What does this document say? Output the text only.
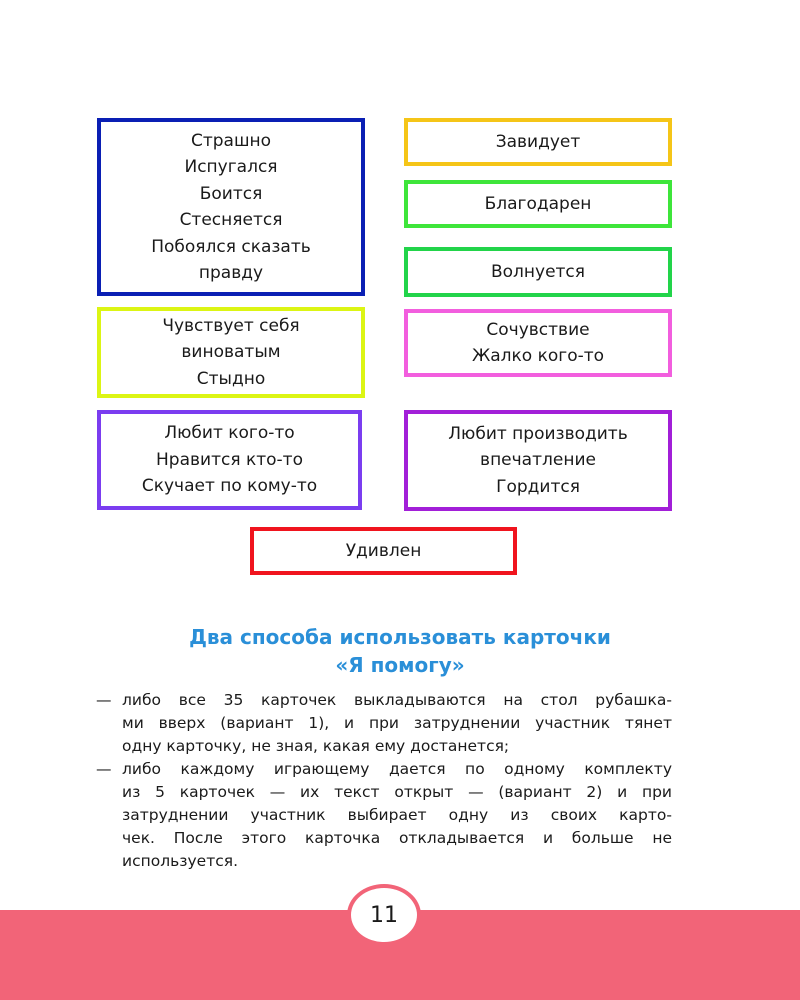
Страшно
Испугался
Боится
Стесняется
Побоялся сказать
правду
Завидует
Благодарен
Волнуется
Чувствует себя
виноватым
Стыдно
Сочувствие
Жалко кого-то
Любит кого-то
Нравится кто-то
Скучает по кому-то
Любит производить
впечатление
Гордится
Удивлен
Два способа использовать карточки
«Я помогу»
— либо все 35 карточек выкладываются на стол рубашка-
ми вверх (вариант 1), и при затруднении участник тянет
одну карточку, не зная, какая ему достанется;
— либо каждому играющему дается по одному комплекту
из 5 карточек — их текст открыт — (вариант 2) и при
затруднении участник выбирает одну из своих карто-
чек. После этого карточка откладывается и больше не
используется.
11
